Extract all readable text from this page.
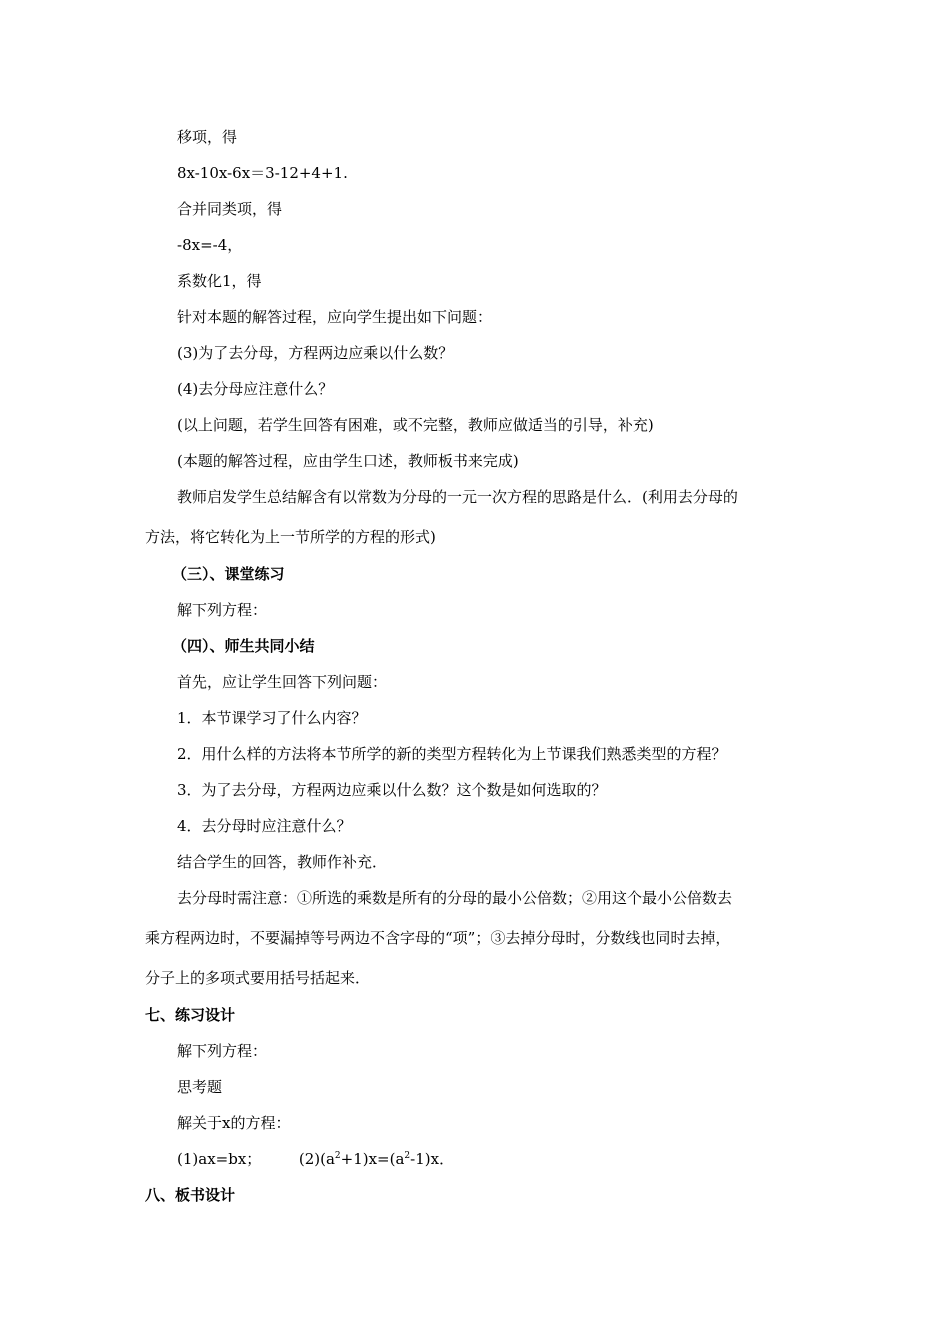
移项，得
8x-10x-6x＝3-12+4+1.
合并同类项，得
-8x=-4，
系数化1，得
针对本题的解答过程，应向学生提出如下问题：
(3)为了去分母，方程两边应乘以什么数？
(4)去分母应注意什么？
(以上问题，若学生回答有困难，或不完整，教师应做适当的引导，补充)
(本题的解答过程，应由学生口述，教师板书来完成)
教师启发学生总结解含有以常数为分母的一元一次方程的思路是什么．(利用去分母的
方法，将它转化为上一节所学的方程的形式)
（三）、课堂练习
解下列方程：
（四）、师生共同小结
首先，应让学生回答下列问题：
1．本节课学习了什么内容？
2．用什么样的方法将本节所学的新的类型方程转化为上节课我们熟悉类型的方程？
3．为了去分母，方程两边应乘以什么数？这个数是如何选取的？
4．去分母时应注意什么？
结合学生的回答，教师作补充．
去分母时需注意：①所选的乘数是所有的分母的最小公倍数；②用这个最小公倍数去
乘方程两边时，不要漏掉等号两边不含字母的“项”；③去掉分母时，分数线也同时去掉，
分子上的多项式要用括号括起来．
七、练习设计
解下列方程：
思考题
解关于x的方程：
(1)ax=bx；	$(2)(a^2+1)x=(a^2-1)x$．
八、板书设计
